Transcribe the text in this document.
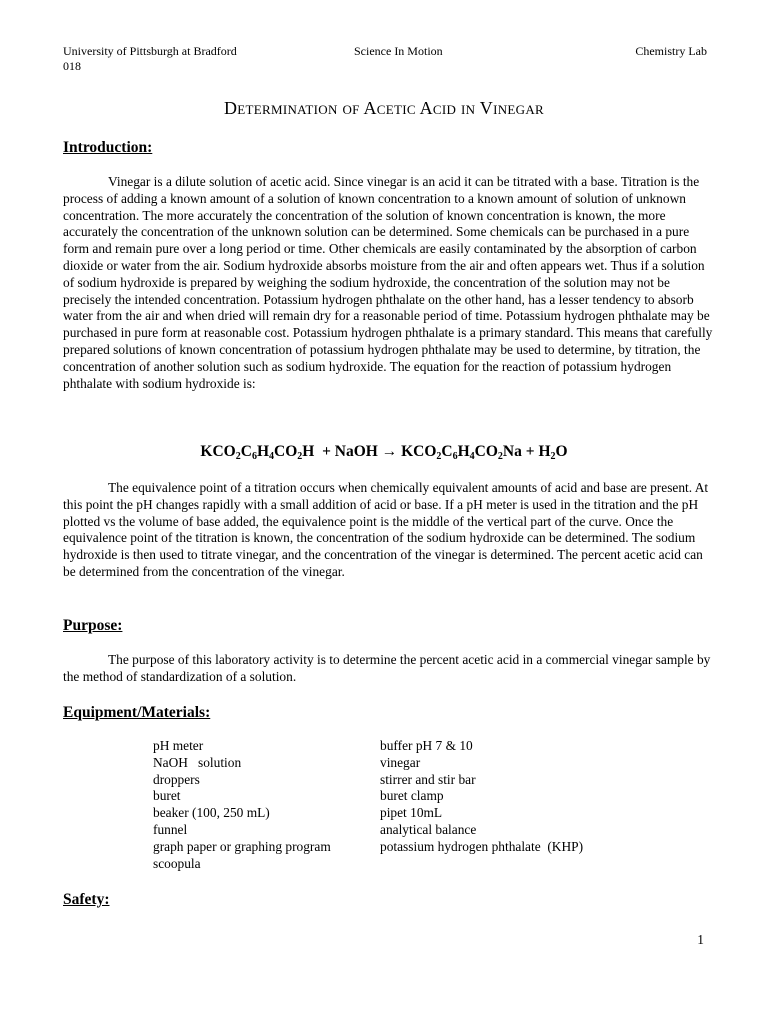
University of Pittsburgh at Bradford	Science In Motion	Chemistry Lab
018
Determination of Acetic Acid in Vinegar
Introduction:

Vinegar is a dilute solution of acetic acid. Since vinegar is an acid it can be titrated with a base. Titration is the process of adding a known amount of a solution of known concentration to a known amount of solution of unknown concentration. The more accurately the concentration of the solution of known concentration is known, the more accurately the concentration of the unknown solution can be determined. Some chemicals can be purchased in a pure form and remain pure over a long period or time. Other chemicals are easily contaminated by the absorption of carbon dioxide or water from the air. Sodium hydroxide absorbs moisture from the air and often appears wet. Thus if a solution of sodium hydroxide is prepared by weighing the sodium hydroxide, the concentration of the solution may not be precisely the intended concentration. Potassium hydrogen phthalate on the other hand, has a lesser tendency to absorb water from the air and when dried will remain dry for a reasonable period of time. Potassium hydrogen phthalate may be purchased in pure form at reasonable cost. Potassium hydrogen phthalate is a primary standard. This means that carefully prepared solutions of known concentration of potassium hydrogen phthalate may be used to determine, by titration, the concentration of another solution such as sodium hydroxide. The equation for the reaction of potassium hydrogen phthalate with sodium hydroxide is:

$KCO_2C_6H_4CO_2H$ + NaOH → $KCO_2C_6H_4CO_2Na + H_2O$

The equivalence point of a titration occurs when chemically equivalent amounts of acid and base are present. At this point the pH changes rapidly with a small addition of acid or base. If a pH meter is used in the titration and the pH plotted vs the volume of base added, the equivalence point is the middle of the vertical part of the curve. Once the equivalence point of the titration is known, the concentration of the sodium hydroxide can be determined. The sodium hydroxide is then used to titrate vinegar, and the concentration of the vinegar is determined. The percent acetic acid can be determined from the concentration of the vinegar.

Purpose:

The purpose of this laboratory activity is to determine the percent acetic acid in a commercial vinegar sample by the method of standardization of a solution.

Equipment/Materials:
pH meter
NaOH   solution
droppers
buret
beaker (100, 250 mL)
funnel
graph paper or graphing program
scoopula
buffer pH 7 & 10
vinegar
stirrer and stir bar
buret clamp
pipet 10mL
analytical balance
potassium hydrogen phthalate  (KHP)
Safety:
1
